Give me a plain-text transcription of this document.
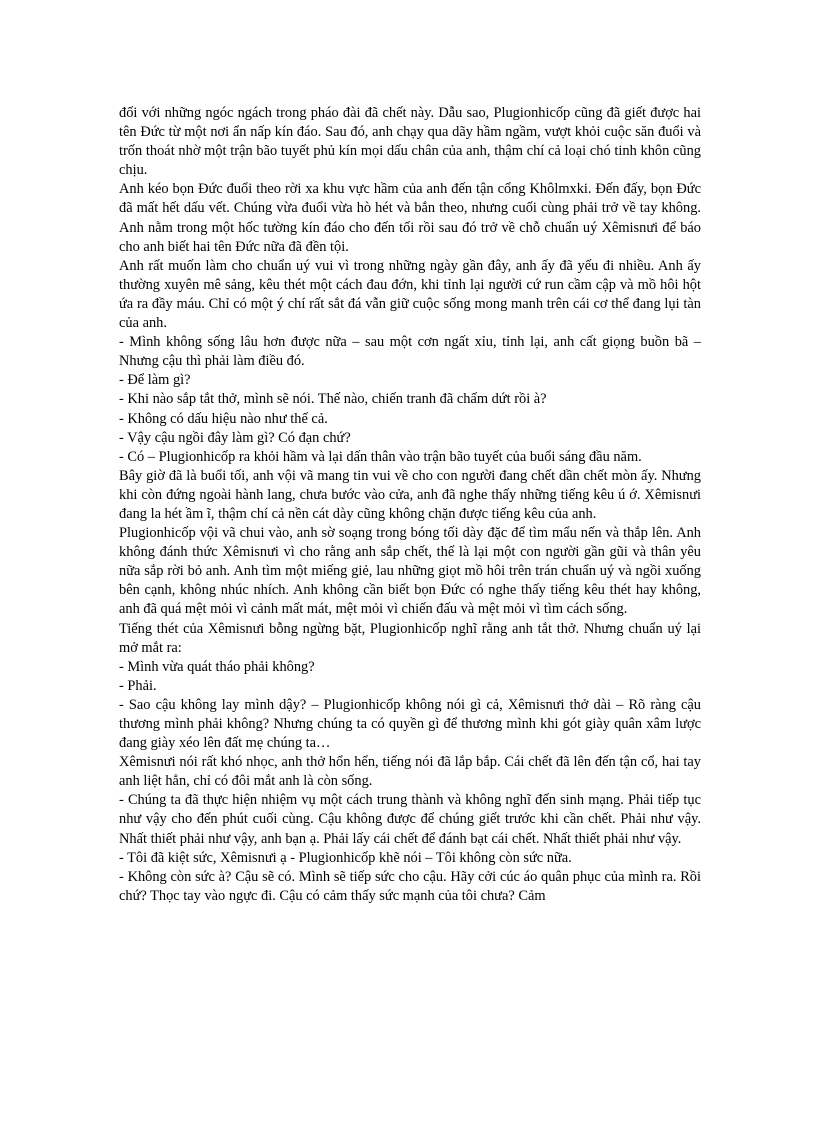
đối với những ngóc ngách trong pháo đài đã chết này. Dẫu sao, Plugionhicốp cũng đã giết được hai tên Đức từ một nơi ẩn nấp kín đáo. Sau đó, anh chạy qua dãy hầm ngầm, vượt khỏi cuộc săn đuổi và trốn thoát nhờ một trận bão tuyết phủ kín mọi dấu chân của anh, thậm chí cả loại chó tinh khôn cũng chịu.

Anh kéo bọn Đức đuổi theo rời xa khu vực hầm của anh đến tận cổng Khôlmxki. Đến đấy, bọn Đức đã mất hết dấu vết. Chúng vừa đuổi vừa hò hét và bắn theo, nhưng cuối cùng phải trở về tay không. Anh nằm trong một hốc tường kín đáo cho đến tối rồi sau đó trở về chỗ chuẩn uý Xêmisnưi để báo cho anh biết hai tên Đức nữa đã đền tội.

Anh rất muốn làm cho chuẩn uý vui vì trong những ngày gần đây, anh ấy đã yếu đi nhiều. Anh ấy thường xuyên mê sảng, kêu thét một cách đau đớn, khi tỉnh lại người cứ run cầm cập và mồ hôi hột ứa ra đầy máu. Chỉ có một ý chí rất sắt đá vẫn giữ cuộc sống mong manh trên cái cơ thể đang lụi tàn của anh.

- Mình không sống lâu hơn được nữa – sau một cơn ngất xỉu, tỉnh lại, anh cất giọng buồn bã – Nhưng cậu thì phải làm điều đó.

- Để làm gì?

- Khi nào sắp tắt thở, mình sẽ nói. Thế nào, chiến tranh đã chấm dứt rồi à?

- Không có dấu hiệu nào như thế cả.

- Vậy cậu ngồi đây làm gì? Có đạn chứ?

- Có – Plugionhicốp ra khỏi hầm và lại dấn thân vào trận bão tuyết của buổi sáng đầu năm.

Bây giờ đã là buổi tối, anh vội vã mang tin vui về cho con người đang chết dần chết mòn ấy. Nhưng khi còn đứng ngoài hành lang, chưa bước vào cửa, anh đã nghe thấy những tiếng kêu ú ớ. Xêmisnưi đang la hét ầm ĩ, thậm chí cả nền cát dày cũng không chặn được tiếng kêu của anh.

Plugionhicốp vội vã chui vào, anh sờ soạng trong bóng tối dày đặc để tìm mẩu nến và thắp lên. Anh không đánh thức Xêmisnưi vì cho rằng anh sắp chết, thế là lại một con người gần gũi và thân yêu nữa sắp rời bỏ anh. Anh tìm một miếng giẻ, lau những giọt mồ hôi trên trán chuẩn uý và ngồi xuống bên cạnh, không nhúc nhích. Anh không cần biết bọn Đức có nghe thấy tiếng kêu thét hay không, anh đã quá mệt mỏi vì cảnh mất mát, mệt mỏi vì chiến đấu và mệt mỏi vì tìm cách sống.

Tiếng thét của Xêmisnưi bỗng ngừng bặt, Plugionhicốp nghĩ rằng anh tắt thở. Nhưng chuẩn uý lại mở mắt ra:

- Mình vừa quát tháo phải không?

- Phải.

- Sao cậu không lay mình dậy? – Plugionhicốp không nói gì cả, Xêmisnưi thở dài – Rõ ràng cậu thương mình phải không? Nhưng chúng ta có quyền gì để thương mình khi gót giày quân xâm lược đang giày xéo lên đất mẹ chúng ta…

Xêmisnưi nói rất khó nhọc, anh thở hổn hển, tiếng nói đã lắp bắp. Cái chết đã lên đến tận cổ, hai tay anh liệt hẳn, chỉ có đôi mắt anh là còn sống.

- Chúng ta đã thực hiện nhiệm vụ một cách trung thành và không nghĩ đến sinh mạng. Phải tiếp tục như vậy cho đến phút cuối cùng. Cậu không được để chúng giết trước khi cần chết. Phải như vậy. Nhất thiết phải như vậy, anh bạn ạ. Phải lấy cái chết để đánh bạt cái chết. Nhất thiết phải như vậy.

- Tôi đã kiệt sức, Xêmisnưi ạ - Plugionhicốp khẽ nói – Tôi không còn sức nữa.

- Không còn sức à? Cậu sẽ có. Mình sẽ tiếp sức cho cậu. Hãy cởi cúc áo quân phục của mình ra. Rồi chứ? Thọc tay vào ngực đi. Cậu có cảm thấy sức mạnh của tôi chưa? Cảm
